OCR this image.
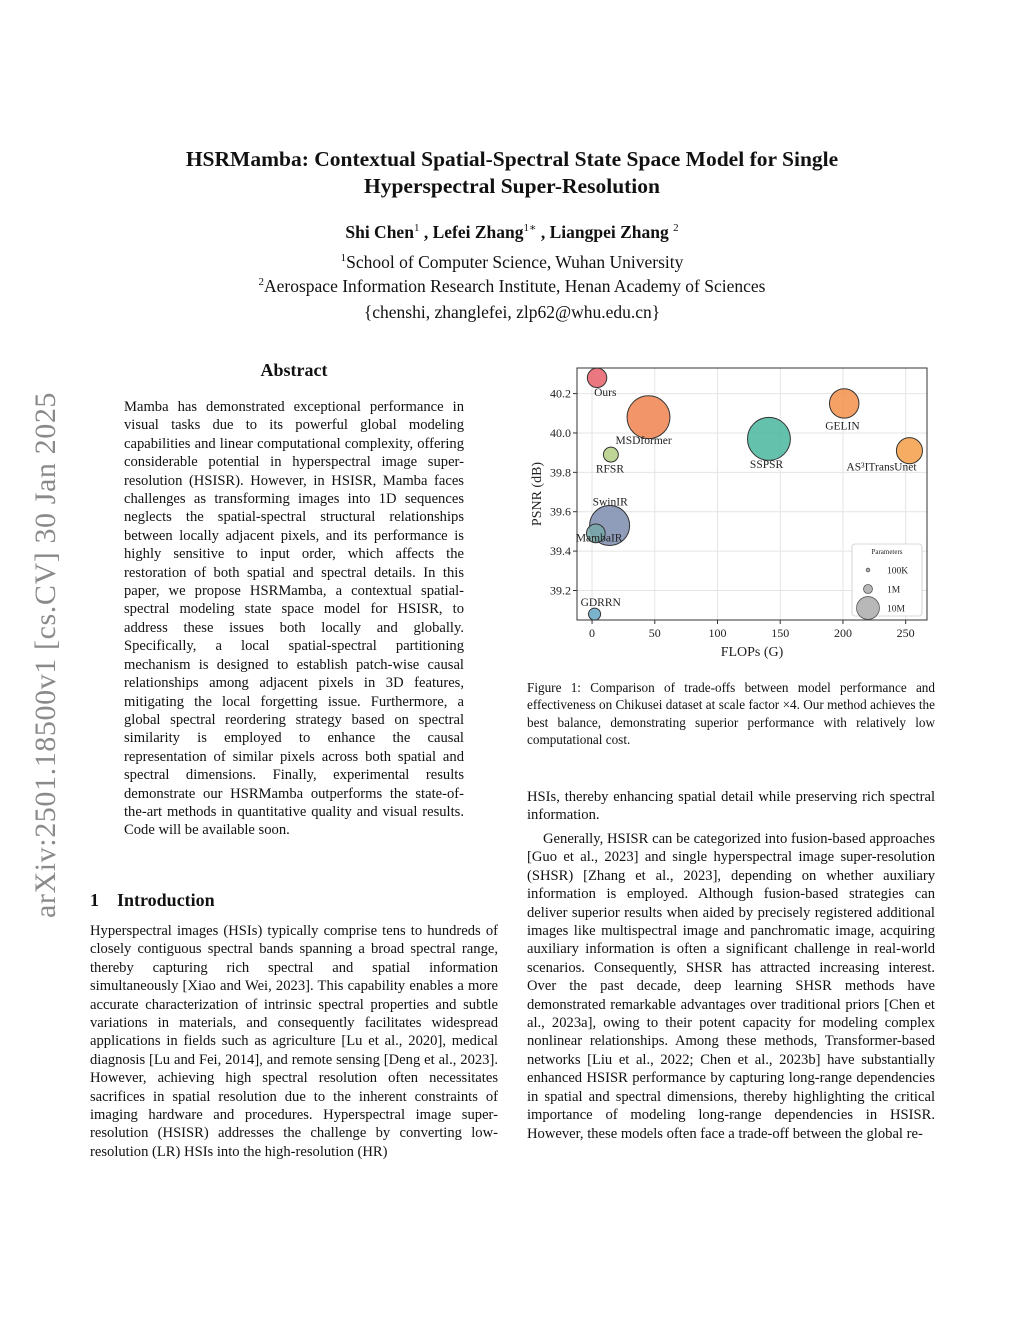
arXiv:2501.18500v1 [cs.CV] 30 Jan 2025
HSRMamba: Contextual Spatial-Spectral State Space Model for Single
Hyperspectral Super-Resolution
Shi Chen$^1$ , Lefei Zhang$^{1∗}$ , Liangpei Zhang $^2$
$^1$School of Computer Science, Wuhan University
$^2$Aerospace Information Research Institute, Henan Academy of Sciences
{chenshi, zhanglefei, zlp62@whu.edu.cn}
Abstract
Mamba has demonstrated exceptional performance in visual tasks due to its powerful global modeling capabilities and linear computational complexity, offering considerable potential in hyperspectral image super-resolution (HSISR). However, in HSISR, Mamba faces challenges as transforming images into 1D sequences neglects the spatial-spectral structural relationships between locally adjacent pixels, and its performance is highly sensitive to input order, which affects the restoration of both spatial and spectral details. In this paper, we propose HSRMamba, a contextual spatial-spectral modeling state space model for HSISR, to address these issues both locally and globally. Specifically, a local spatial-spectral partitioning mechanism is designed to establish patch-wise causal relationships among adjacent pixels in 3D features, mitigating the local forgetting issue. Furthermore, a global spectral reordering strategy based on spectral similarity is employed to enhance the causal representation of similar pixels across both spatial and spectral dimensions. Finally, experimental results demonstrate our HSRMamba outperforms the state-of-the-art methods in quantitative quality and visual results. Code will be available soon.
1 Introduction
Hyperspectral images (HSIs) typically comprise tens to hundreds of closely contiguous spectral bands spanning a broad spectral range, thereby capturing rich spectral and spatial information simultaneously [Xiao and Wei, 2023]. This capability enables a more accurate characterization of intrinsic spectral properties and subtle variations in materials, and consequently facilitates widespread applications in fields such as agriculture [Lu et al., 2020], medical diagnosis [Lu and Fei, 2014], and remote sensing [Deng et al., 2023]. However, achieving high spectral resolution often necessitates sacrifices in spatial resolution due to the inherent constraints of imaging hardware and procedures. Hyperspectral image super-resolution (HSISR) addresses the challenge by converting low-resolution (LR) HSIs into the high-resolution (HR)
0	50	100	150	200	250
39.2
39.4
39.6
39.8
40.0
40.2 Ours
MSDformer
RFSR	SSPSR
GELIN
AS³ITransUnet
SwinIR
MambaIR
GDRRN
FLOPs (G)
PSNR (dB)
Parameters
100K
1M
10M
Figure 1: Comparison of trade-offs between model performance and effectiveness on Chikusei dataset at scale factor ×4. Our method achieves the best balance, demonstrating superior performance with relatively low computational cost.
HSIs, thereby enhancing spatial detail while preserving rich spectral information.
Generally, HSISR can be categorized into fusion-based approaches [Guo et al., 2023] and single hyperspectral image super-resolution (SHSR) [Zhang et al., 2023], depending on whether auxiliary information is employed. Although fusion-based strategies can deliver superior results when aided by precisely registered additional images like multispectral image and panchromatic image, acquiring auxiliary information is often a significant challenge in real-world scenarios. Consequently, SHSR has attracted increasing interest. Over the past decade, deep learning SHSR methods have demonstrated remarkable advantages over traditional priors [Chen et al., 2023a], owing to their potent capacity for modeling complex nonlinear relationships. Among these methods, Transformer-based networks [Liu et al., 2022; Chen et al., 2023b] have substantially enhanced HSISR performance by capturing long-range dependencies in spatial and spectral dimensions, thereby highlighting the critical importance of modeling long-range dependencies in HSISR. However, these models often face a trade-off between the global re-
